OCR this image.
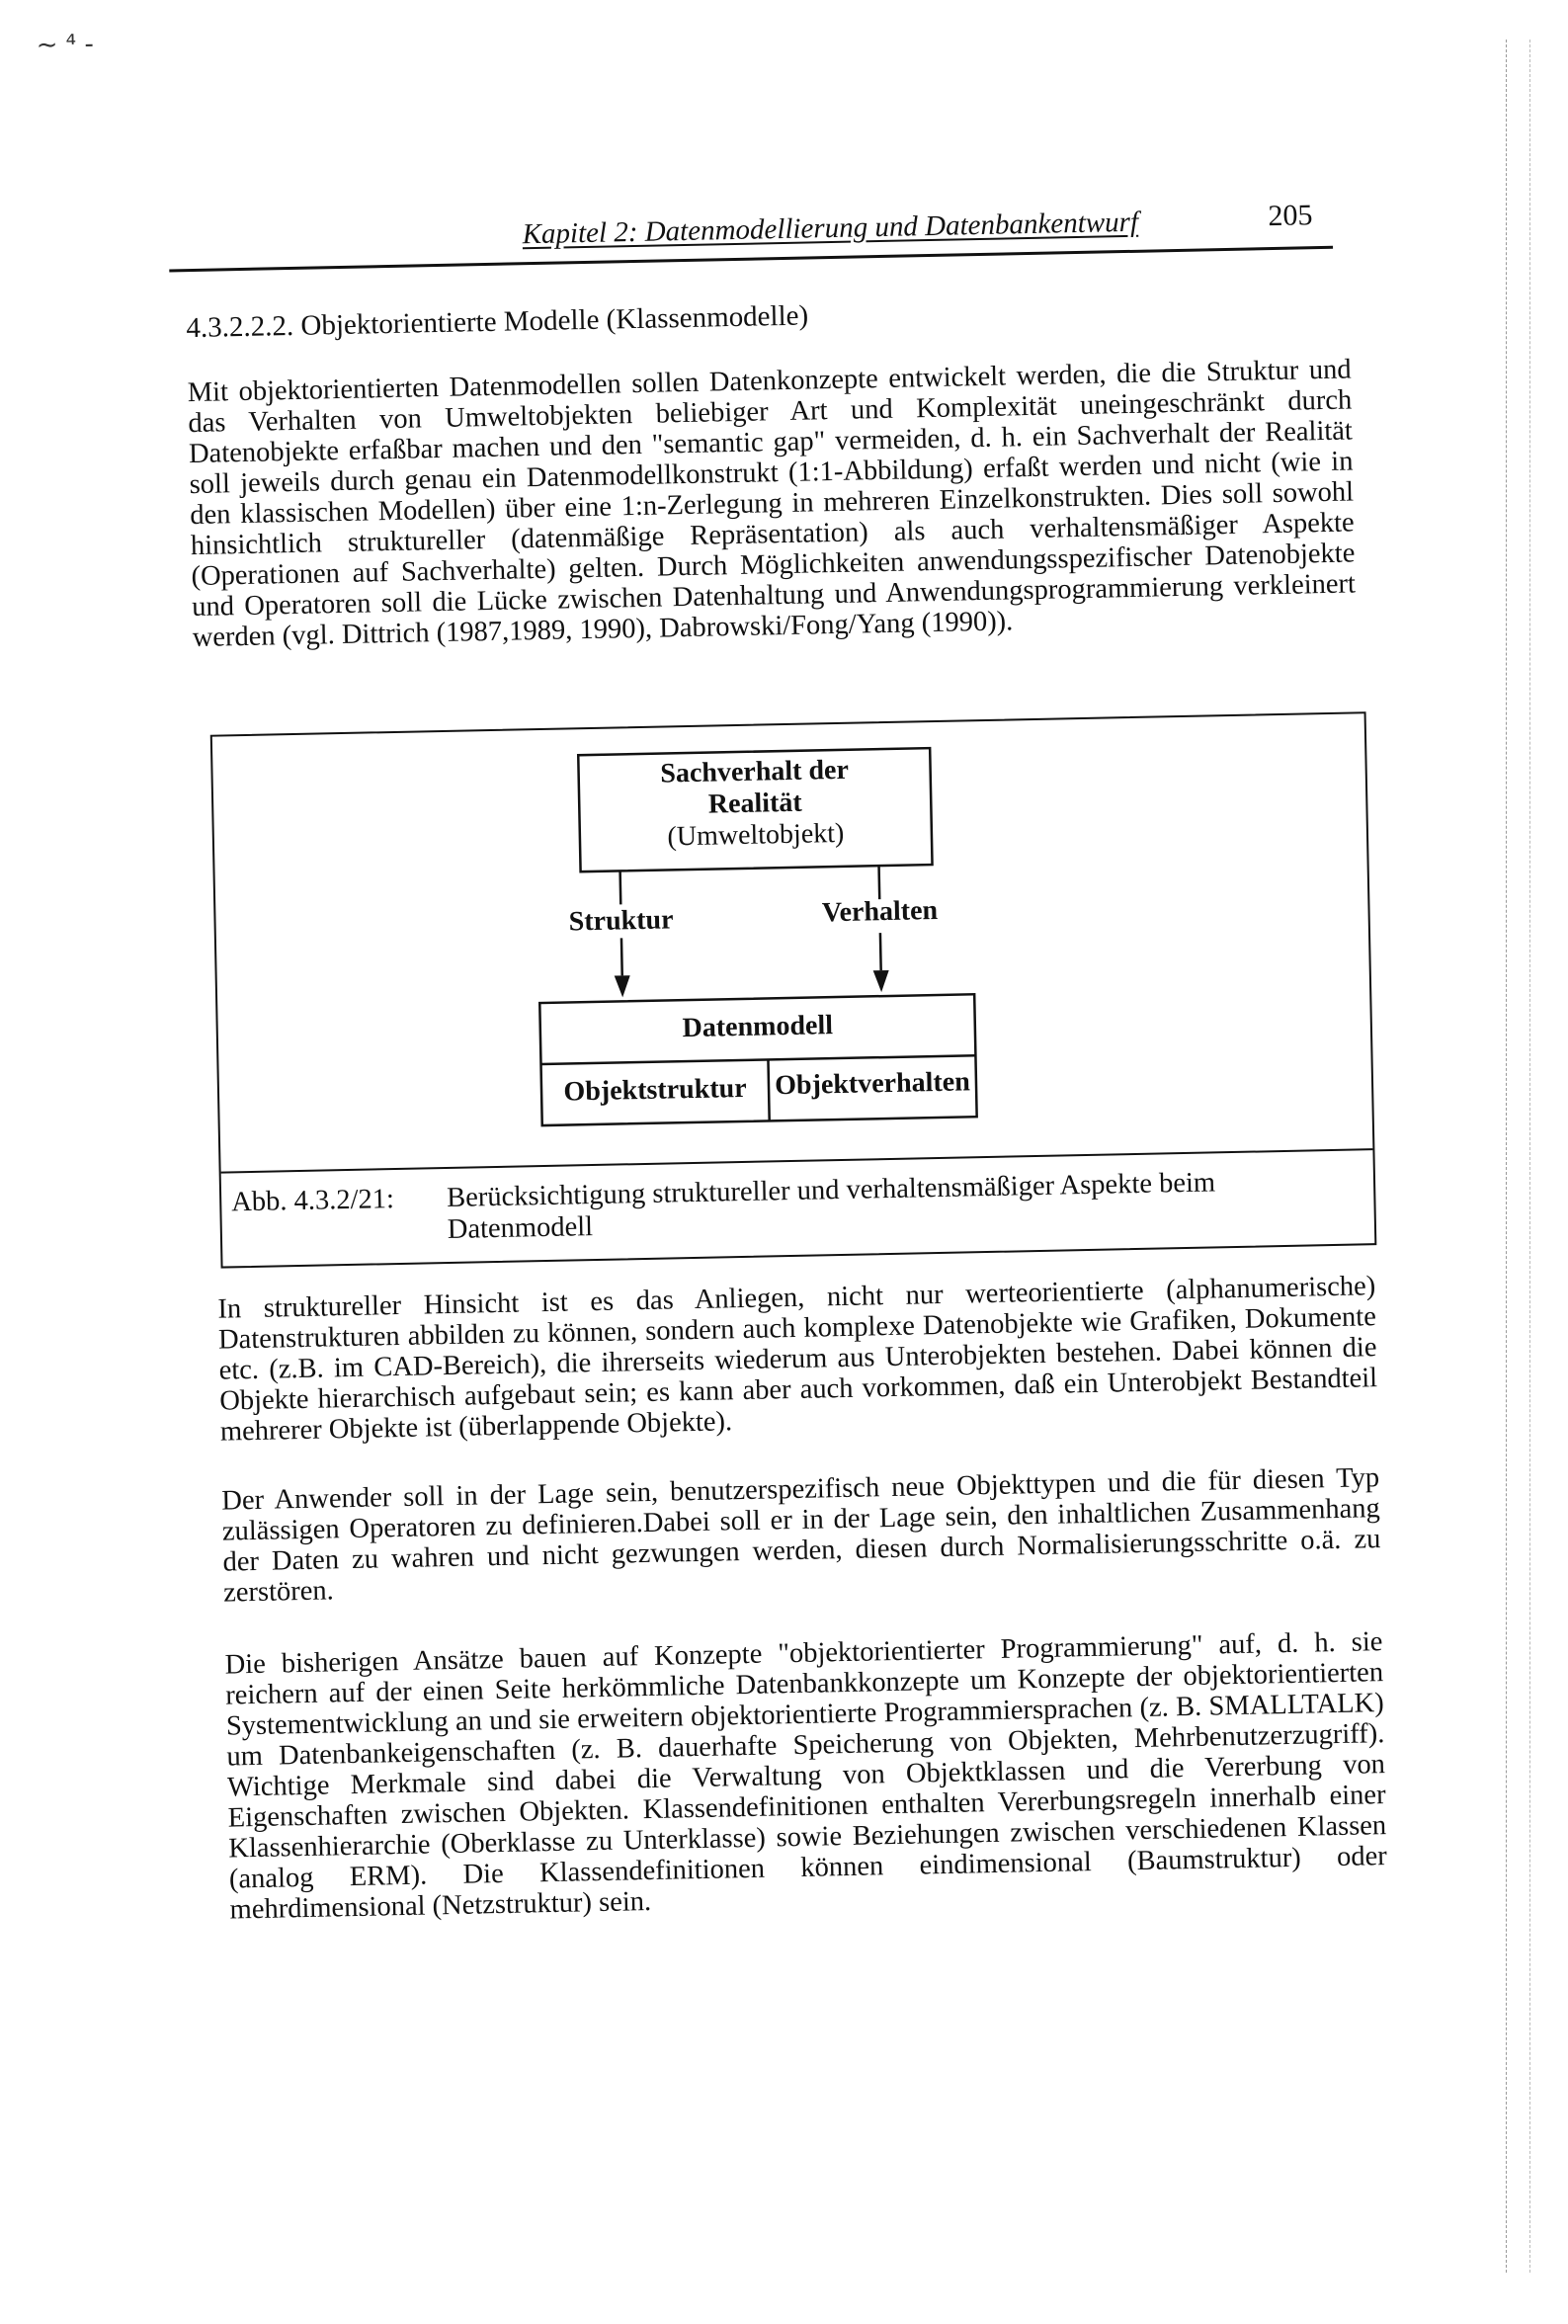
~ ⁴ -
Kapitel 2: Datenmodellierung und Datenbankentwurf	205
4.3.2.2.2. Objektorientierte Modelle (Klassenmodelle)

Mit objektorientierten Datenmodellen sollen Datenkonzepte entwickelt werden, die die Struktur und das Verhalten von Umweltobjekten beliebiger Art und Komplexität uneingeschränkt durch Datenobjekte erfaßbar machen und den "semantic gap" vermeiden, d. h. ein Sachverhalt der Realität soll jeweils durch genau ein Datenmodellkonstrukt (1:1-Abbildung) erfaßt werden und nicht (wie in den klassischen Modellen) über eine 1:n-Zerlegung in mehreren Einzelkonstrukten. Dies soll sowohl hinsichtlich struktureller (datenmäßige Repräsentation) als auch verhaltensmäßiger Aspekte (Operationen auf Sachverhalte) gelten. Durch Möglichkeiten anwendungsspezifischer Datenobjekte und Operatoren soll die Lücke zwischen Datenhaltung und Anwendungsprogrammierung verkleinert werden (vgl. Dittrich (1987,1989, 1990), Dabrowski/Fong/Yang (1990)).

Sachverhalt der
Realität
(Umweltobjekt)
Struktur	Verhalten
Datenmodell
Objektstruktur	Objektverhalten
Abb. 4.3.2/21: Berücksichtigung struktureller und verhaltensmäßiger Aspekte beim
Datenmodell

In struktureller Hinsicht ist es das Anliegen, nicht nur werteorientierte (alphanumerische) Datenstrukturen abbilden zu können, sondern auch komplexe Datenobjekte wie Grafiken, Dokumente etc. (z.B. im CAD-Bereich), die ihrerseits wiederum aus Unterobjekten bestehen. Dabei können die Objekte hierarchisch aufgebaut sein; es kann aber auch vorkommen, daß ein Unterobjekt Bestandteil mehrerer Objekte ist (überlappende Objekte).

Der Anwender soll in der Lage sein, benutzerspezifisch neue Objekttypen und die für diesen Typ zulässigen Operatoren zu definieren.Dabei soll er in der Lage sein, den inhaltlichen Zusammenhang der Daten zu wahren und nicht gezwungen werden, diesen durch Normalisierungsschritte o.ä. zu zerstören.

Die bisherigen Ansätze bauen auf Konzepte "objektorientierter Programmierung" auf, d. h. sie reichern auf der einen Seite herkömmliche Datenbankkonzepte um Konzepte der objektorientierten Systementwicklung an und sie erweitern objektorientierte Programmiersprachen (z. B. SMALLTALK) um Datenbankeigenschaften (z. B. dauerhafte Speicherung von Objekten, Mehrbenutzerzugriff). Wichtige Merkmale sind dabei die Verwaltung von Objektklassen und die Vererbung von Eigenschaften zwischen Objekten. Klassendefinitionen enthalten Vererbungsregeln innerhalb einer Klassenhierarchie (Oberklasse zu Unterklasse) sowie Beziehungen zwischen verschiedenen Klassen (analog ERM). Die Klassendefinitionen können eindimensional (Baumstruktur) oder mehrdimensional (Netzstruktur) sein.
